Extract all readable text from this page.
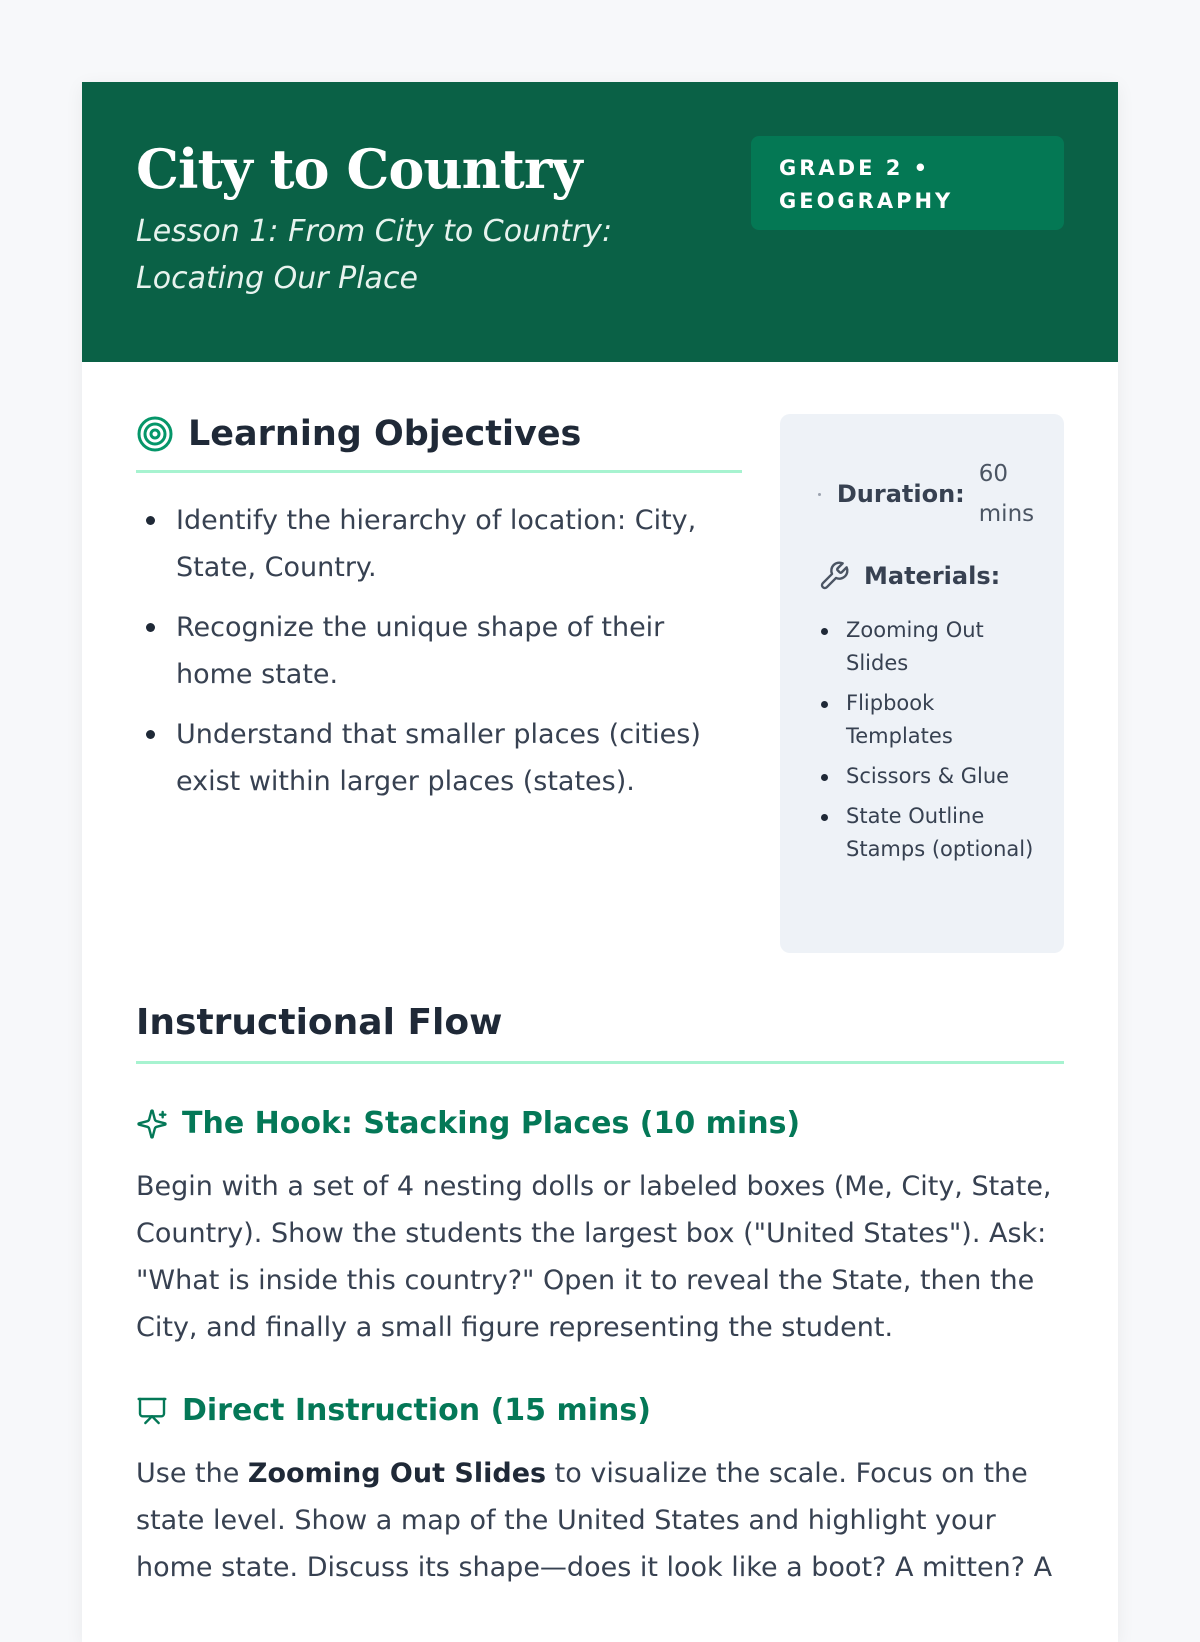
City to Country

Lesson 1: From City to Country: Locating Our Place

GRADE 2 • GEOGRAPHY
Learning Objectives
Identify the hierarchy of location: City, State, Country.
Recognize the unique shape of their home state.
Understand that smaller places (cities) exist within larger places (states).
Duration:
60 mins
Materials:
Zooming Out Slides
Flipbook Templates
Scissors & Glue
State Outline Stamps (optional)
Instructional Flow
The Hook: Stacking Places (10 mins)

Begin with a set of 4 nesting dolls or labeled boxes (Me, City, State, Country). Show the students the largest box ("United States"). Ask: "What is inside this country?" Open it to reveal the State, then the City, and finally a small figure representing the student.

Direct Instruction (15 mins)

Use the Zooming Out Slides to visualize the scale. Focus on the state level. Show a map of the United States and highlight your home state. Discuss its shape—does it look like a boot? A mitten? A
